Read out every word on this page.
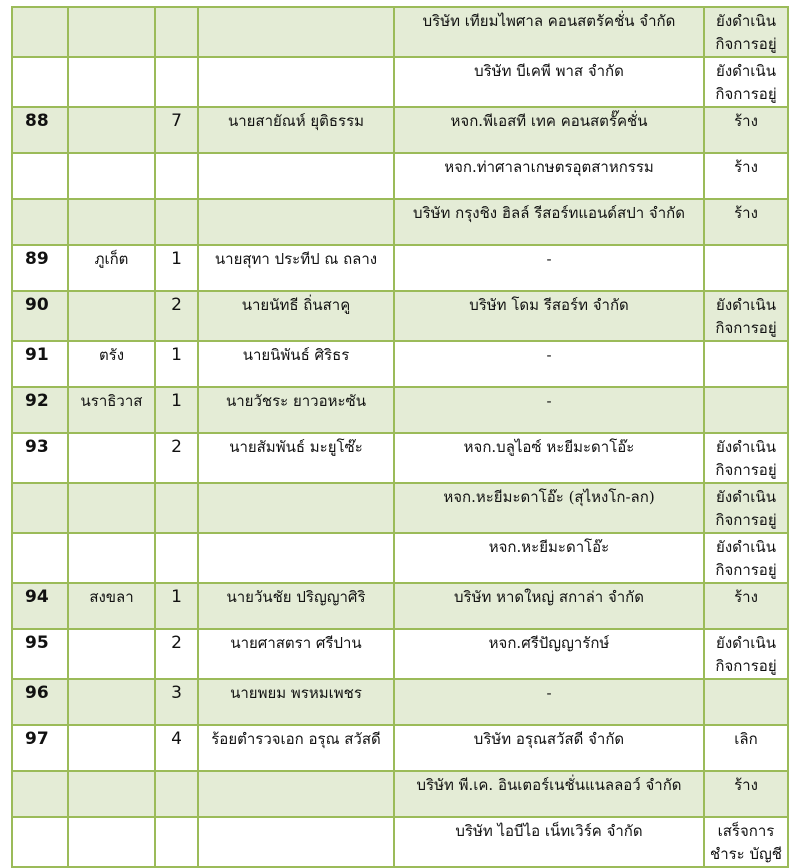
				บริษัท เทียมไพศาล คอนสตรัคชั่น จำกัด	ยังดำเนิน กิจการอยู่
				บริษัท บีเคพี พาส จำกัด	ยังดำเนิน กิจการอยู่
88		7	นายสายัณห์ ยุติธรรม	หจก.พีเอสที เทค คอนสตรั๊คชั่น	ร้าง
				หจก.ท่าศาลาเกษตรอุตสาหกรรม	ร้าง
				บริษัท กรุงชิง ฮิลล์ รีสอร์ทแอนด์สปา จำกัด	ร้าง
89	ภูเก็ต	1	นายสุทา ประทีป ณ ถลาง	-	
90		2	นายนัทธี ถิ่นสาคู	บริษัท โดม รีสอร์ท จำกัด	ยังดำเนิน กิจการอยู่
91	ตรัง	1	นายนิพันธ์ ศิริธร	-	
92	นราธิวาส	1	นายวัชระ ยาวอหะซัน	-	
93		2	นายสัมพันธ์ มะยูโซ๊ะ	หจก.บลูไอซ์ หะยีมะดาโอ๊ะ	ยังดำเนิน กิจการอยู่
				หจก.หะยีมะดาโอ๊ะ (สุไหงโก-ลก)	ยังดำเนิน กิจการอยู่
				หจก.หะยีมะดาโอ๊ะ	ยังดำเนิน กิจการอยู่
94	สงขลา	1	นายวันชัย ปริญญาศิริ	บริษัท หาดใหญ่ สกาล่า จำกัด	ร้าง
95		2	นายศาสตรา ศรีปาน	หจก.ศรีปัญญารักษ์	ยังดำเนิน กิจการอยู่
96		3	นายพยม พรหมเพชร	-	
97		4	ร้อยตำรวจเอก อรุณ สวัสดี	บริษัท อรุณสวัสดี จำกัด	เลิก
				บริษัท พี.เค. อินเตอร์เนชั่นแนลลอว์ จำกัด	ร้าง
				บริษัท ไอบีไอ เน็ทเวิร์ค จำกัด	เสร็จการชำระ บัญชี
